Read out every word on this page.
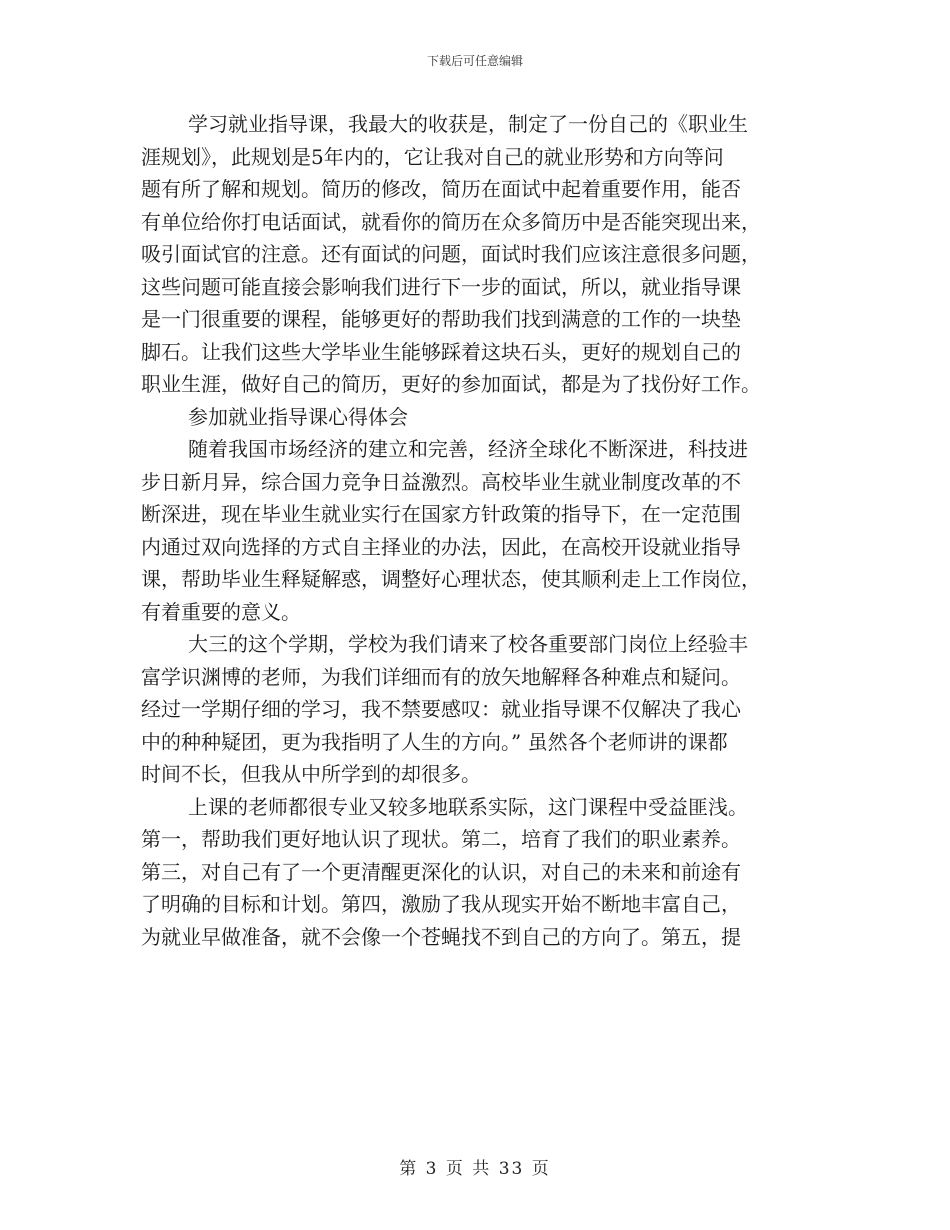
下载后可任意编辑
学习就业指导课，我最大的收获是，制定了一份自己的《职业生
涯规划》，此规划是5年内的，它让我对自己的就业形势和方向等问
题有所了解和规划。简历的修改，简历在面试中起着重要作用，能否
有单位给你打电话面试，就看你的简历在众多简历中是否能突现出来，
吸引面试官的注意。还有面试的问题，面试时我们应该注意很多问题，
这些问题可能直接会影响我们进行下一步的面试，所以，就业指导课
是一门很重要的课程，能够更好的帮助我们找到满意的工作的一块垫
脚石。让我们这些大学毕业生能够踩着这块石头，更好的规划自己的
职业生涯，做好自己的简历，更好的参加面试，都是为了找份好工作。
参加就业指导课心得体会
随着我国市场经济的建立和完善，经济全球化不断深进，科技进
步日新月异，综合国力竞争日益激烈。高校毕业生就业制度改革的不
断深进，现在毕业生就业实行在国家方针政策的指导下，在一定范围
内通过双向选择的方式自主择业的办法，因此，在高校开设就业指导
课，帮助毕业生释疑解惑，调整好心理状态，使其顺利走上工作岗位，
有着重要的意义。
大三的这个学期，学校为我们请来了校各重要部门岗位上经验丰
富学识渊博的老师，为我们详细而有的放矢地解释各种难点和疑问。
经过一学期仔细的学习，我不禁要感叹：就业指导课不仅解决了我心
中的种种疑团，更为我指明了人生的方向。” 虽然各个老师讲的课都
时间不长，但我从中所学到的却很多。
上课的老师都很专业又较多地联系实际，这门课程中受益匪浅。
第一，帮助我们更好地认识了现状。第二，培育了我们的职业素养。
第三，对自己有了一个更清醒更深化的认识，对自己的未来和前途有
了明确的目标和计划。第四，激励了我从现实开始不断地丰富自己，
为就业早做准备，就不会像一个苍蝇找不到自己的方向了。第五，提
第 3 页 共 33 页
